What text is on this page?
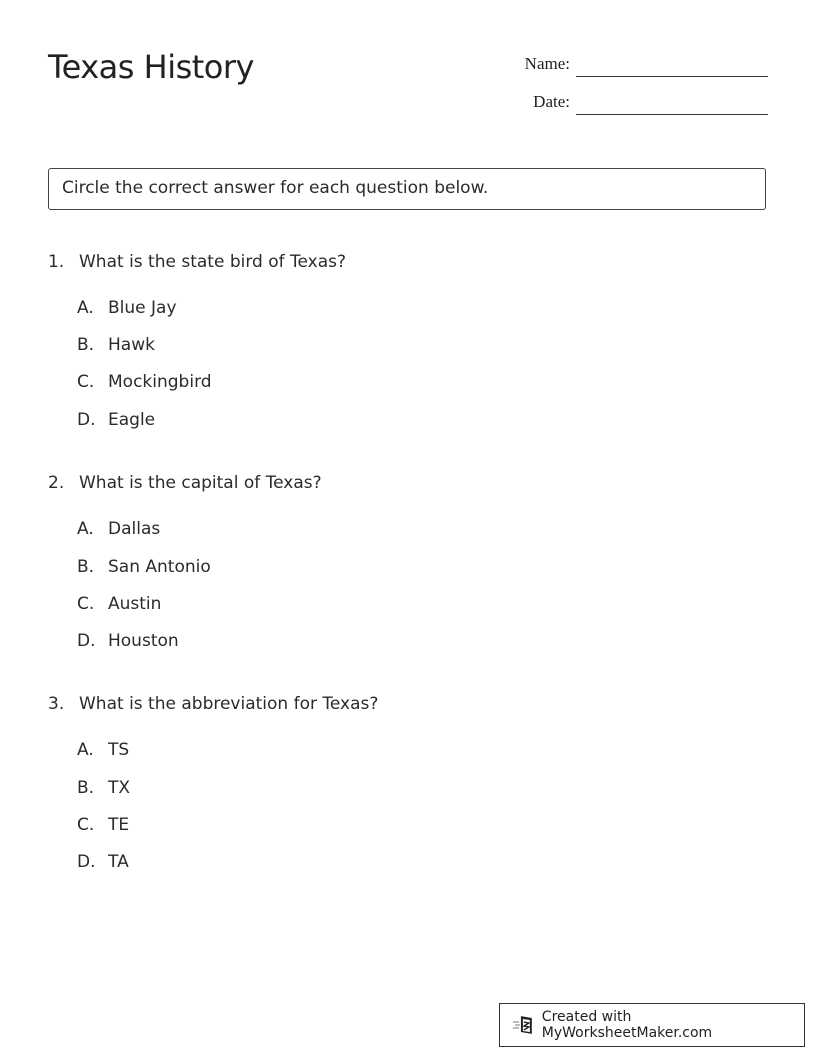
Texas History	Name:
Date:
Circle the correct answer for each question below.
1. What is the state bird of Texas?
A. Blue Jay
B. Hawk
C. Mockingbird
D. Eagle
2. What is the capital of Texas?
A. Dallas
B. San Antonio
C. Austin
D. Houston
3. What is the abbreviation for Texas?
A. TS
B. TX
C. TE
D. TA
Created with MyWorksheetMaker.com
